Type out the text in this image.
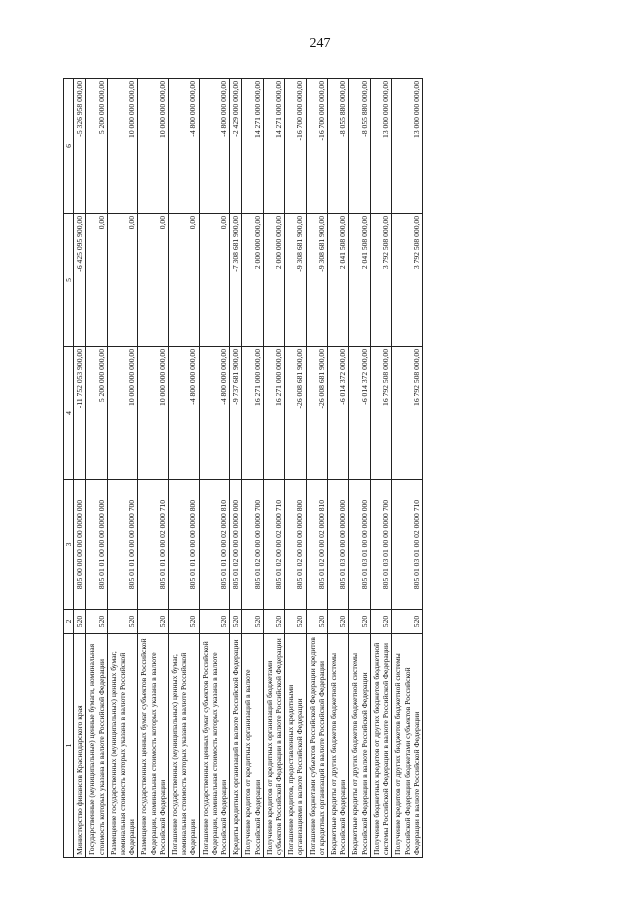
247
1	2	3	4	5	6
Министерство финансов Краснодарского края	520	805 00 00 00 00 00 0000 000	-11 752 053 900,00	-6 425 095 900,00	-5 326 958 000,00
Государственные (муниципальные) ценные бумаги, номинальная стоимость которых указана в валюте Российской Федерации	520	805 01 01 00 00 00 0000 000	5 200 000 000,00	0,00	5 200 000 000,00
Размещение государственных (муниципальных) ценных бумаг, номинальная стоимость которых указана в валюте Российской Федерации	520	805 01 01 00 00 00 0000 700	10 000 000 000,00	0,00	10 000 000 000,00
Размещение государственных ценных бумаг субъектов Российской Федерации, номинальная стоимость которых указана в валюте Российской Федерации	520	805 01 01 00 00 02 0000 710	10 000 000 000,00	0,00	10 000 000 000,00
Погашение государственных (муниципальных) ценных бумаг, номинальная стоимость которых указана в валюте Российской Федерации	520	805 01 01 00 00 00 0000 800	-4 800 000 000,00	0,00	-4 800 000 000,00
Погашение государственных ценных бумаг субъектов Российской Федерации, номинальная стоимость которых указана в валюте Российской Федерации	520	805 01 01 00 00 02 0000 810	-4 800 000 000,00	0,00	-4 800 000 000,00
Кредиты кредитных организаций в валюте Российской Федерации	520	805 01 02 00 00 00 0000 000	-9 737 681 900,00	-7 308 681 900,00	-2 429 000 000,00
Получение кредитов от кредитных организаций в валюте Российской Федерации	520	805 01 02 00 00 00 0000 700	16 271 000 000,00	2 000 000 000,00	14 271 000 000,00
Получение кредитов от кредитных организаций бюджетами субъектов Российской Федерации в валюте Российской Федерации	520	805 01 02 00 00 02 0000 710	16 271 000 000,00	2 000 000 000,00	14 271 000 000,00
Погашение кредитов, предоставленных кредитными организациями в валюте Российской Федерации	520	805 01 02 00 00 00 0000 800	-26 008 681 900,00	-9 308 681 900,00	-16 700 000 000,00
Погашение бюджетами субъектов Российской Федерации кредитов от кредитных организаций в валюте Российской Федерации	520	805 01 02 00 00 02 0000 810	-26 008 681 900,00	-9 308 681 900,00	-16 700 000 000,00
Бюджетные кредиты от других бюджетов бюджетной системы Российской Федерации	520	805 01 03 00 00 00 0000 000	-6 014 372 000,00	2 041 508 000,00	-8 055 880 000,00
Бюджетные кредиты от других бюджетов бюджетной системы Российской Федерации в валюте Российской Федерации	520	805 01 03 01 00 00 0000 000	-6 014 372 000,00	2 041 508 000,00	-8 055 880 000,00
Получение бюджетных кредитов от других бюджетов бюджетной системы Российской Федерации в валюте Российской Федерации	520	805 01 03 01 00 00 0000 700	16 792 508 000,00	3 792 508 000,00	13 000 000 000,00
Получение кредитов от других бюджетов бюджетной системы Российской Федерации бюджетами субъектов Российской Федерации в валюте Российской Федерации	520	805 01 03 01 00 02 0000 710	16 792 508 000,00	3 792 508 000,00	13 000 000 000,00
